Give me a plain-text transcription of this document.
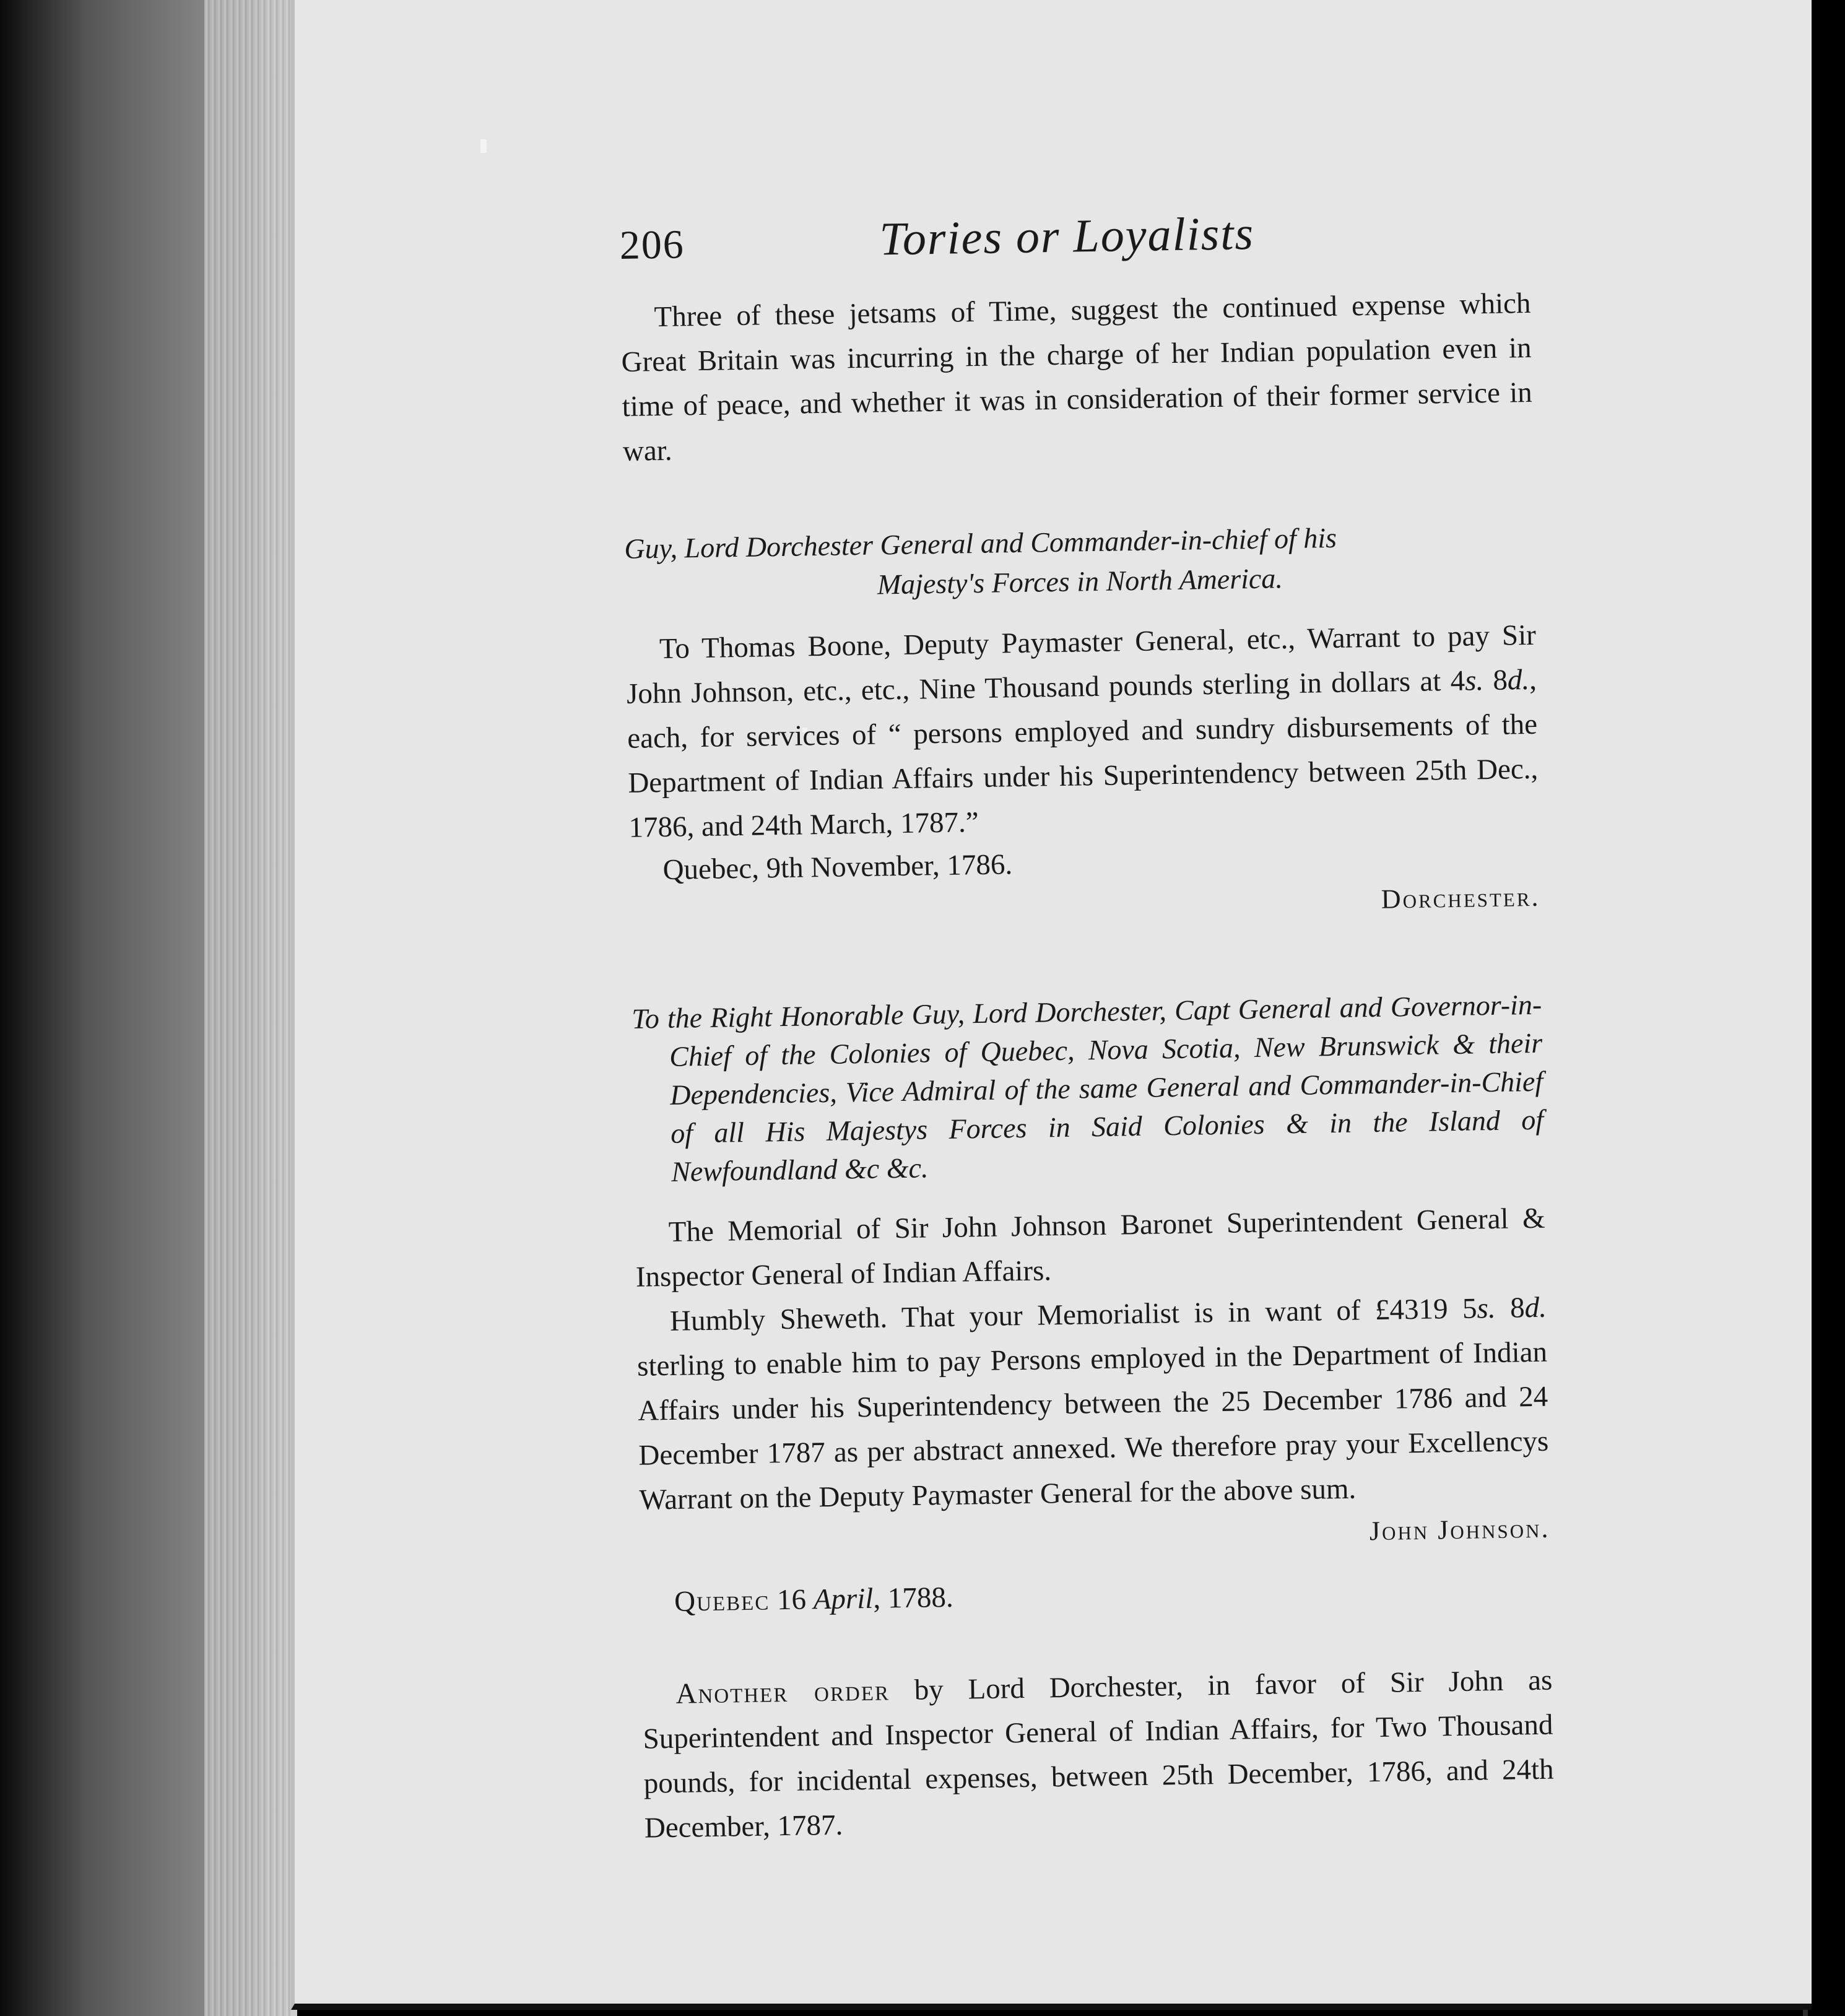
206	Tories or Loyalists

Three of these jetsams of Time, suggest the continued expense which Great Britain was incurring in the charge of her Indian population even in time of peace, and whether it was in consideration of their former service in war.

Guy, Lord Dorchester General and Commander-in-chief of his
Majesty's Forces in North America.

To Thomas Boone, Deputy Paymaster General, etc., Warrant to pay Sir John Johnson, etc., etc., Nine Thousand pounds sterling in dollars at 4s. 8d., each, for services of “ persons employed and sundry disbursements of the Department of Indian Affairs under his Superintendency between 25th Dec., 1786, and 24th March, 1787.”

Quebec, 9th November, 1786.
Dorchester.

To the Right Honorable Guy, Lord Dorchester, Capt General and Governor-in-Chief of the Colonies of Quebec, Nova Scotia, New Brunswick & their Dependencies, Vice Admiral of the same General and Commander-in-Chief of all His Majestys Forces in Said Colonies & in the Island of Newfoundland &c &c.

The Memorial of Sir John Johnson Baronet Superintendent General & Inspector General of Indian Affairs.

Humbly Sheweth. That your Memorialist is in want of £4319 5s. 8d. sterling to enable him to pay Persons employed in the Department of Indian Affairs under his Superintendency between the 25 December 1786 and 24 December 1787 as per abstract annexed. We therefore pray your Excellencys Warrant on the Deputy Paymaster General for the above sum.

John Johnson.
Quebec 16 April, 1788.

Another order by Lord Dorchester, in favor of Sir John as Superintendent and Inspector General of Indian Affairs, for Two Thousand pounds, for incidental expenses, between 25th December, 1786, and 24th December, 1787.
